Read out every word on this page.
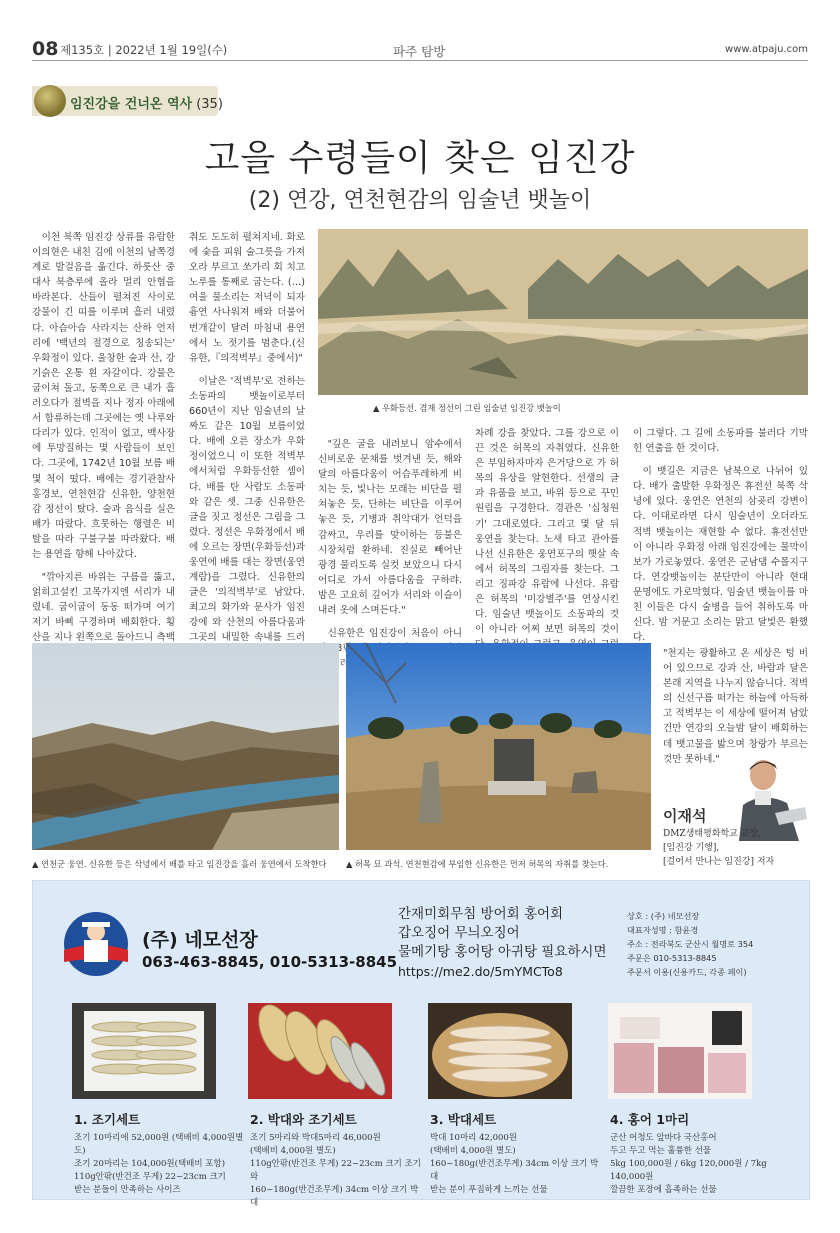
08 제135호 | 2022년 1월 19일(수)	파주 탐방	www.atpaju.com
임진강을 건너온 역사 (35)
고을 수령들이 찾은 임진강
(2) 연강, 연천현감의 임술년 뱃놀이

이천 북쪽 임진강 상류를 유람한 이의현은 내친 김에 이천의 남쪽경계로 발걸음을 옮긴다. 하룻산 중대사 북층루에 올라 멀리 안협을 바라본다. 산들이 펼쳐진 사이로 강물이 긴 띠를 이루며 흘러 내렸다. 아슴아슴 사라지는 산하 언저리에 '백년의 절경으로 칭송되는' 우화정이 있다. 울창한 숲과 산, 강기슭은 온통 흰 자갈이다. 강물은 굽이쳐 돌고, 동쪽으로 큰 내가 흘러오다가 절벽을 지나 정자 아래에서 합류하는데 그곳에는 옛 나루와 다리가 있다. 인적이 없고, 백사장에 투망질하는 몇 사람들이 보인다. 그곳에, 1742년 10월 보름 배 몇 척이 떴다. 배에는 경기관찰사 홍경보, 연천현감 신유한, 양천현감 정선이 탔다. 술과 음식을 실은 배가 따랐다. 흐뭇하는 행렬은 비탈을 따라 구불구불 따라왔다. 배는 용연을 향해 나아갔다.

"깎아지른 바위는 구름을 뚫고, 얽히고설킨 고목가지엔 서리가 내렸네. 굽이굽이 동동 떠가며 여기저기 바삐 구경하며 배회한다. 횡산을 지나 왼쪽으로 돌아드니 측백

취도 도도히 펼쳐지네. 화로에 숯을 피워 술그릇을 가져오라 부르고 쏘가리 회 치고 노루를 통째로 굽는다. (…) 여울 물소리는 저녁이 되자 흉연 사나워져 배와 더불어 번개같이 달려 마침내 용연에서 노 젓기를 멈춘다.(신유한,『의적벽부』중에서)"

이날은 '적벽부'로 전하는 소동파의 뱃놀이로부터 660년이 지난 임술년의 날짜도 같은 10월 보름이었다. 배에 오른 장소가 우화정이었으니 이 또한 적벽부에서처럼 우화등선한 셈이다. 배를 탄 사람도 소동파와 같은 셋. 그중 신유한은 글을 짓고 정선은 그림을 그렸다. 정선은 우화정에서 배에 오르는 장면(우화등선)과 웅연에 배를 대는 장면(웅연계람)을 그렸다. 신유한의 글은 '의적벽부'로 남았다. 최고의 화가와 문사가 임진강에 와 산천의 아름다움과 그곳의 내밀한 속내를 드러

▲ 우화등선. 겸재 정선이 그린 임술년 임진강 뱃놀이

"깊은 굴을 내려보니 암수에서 신비로운 문채를 벗겨낸 듯, 해와 달의 아름다움이 어슴푸레하게 비치는 듯, 빛나는 모래는 비단을 펼쳐놓은 듯, 단하는 비단을 이루어 놓은 듯, 기병과 취악대가 언덕을 감싸고, 우리를 맞이하는 등불은 시장처럼 환하네. 진실로 빼어난 광경 물리도록 실컷 보았으니 다시 어디로 가서 아름다움을 구하랴. 밤은 고요히 깊어가 서리와 이슬이 내려 옷에 스며든다."

신유한은 임진강이 처음이 아니 3년 여러

차례 강을 찾았다. 그를 강으로 이끈 것은 허목의 자취였다. 신유한은 부임하자마자 은거당으로 가 허목의 유상을 알현한다. 선생의 글과 유품을 보고, 바위 등으로 꾸민 원림을 구경한다. 경관은 '십청원기' 그대로였다. 그리고 몇 달 뒤 웅연을 찾는다. 노새 타고 관아를 나선 신유한은 웅연포구의 햇살 속에서 허목의 그림자를 찾는다. 그리고 징파강 유람에 나선다. 유람은 허목의 '미강별주'를 연상시킨다. 임술년 뱃놀이도 소동파의 것이 아니라 어찌 보면 허목의 것이

이 그렇다. 그 길에 소동파를 불러다 기막힌 연출을 한 것이다.

이 뱃길은 지금은 남북으로 나뉘어 있다. 배가 출발한 우화정은 휴전선 북쪽 삭녕에 있다. 웅연은 연천의 삼곶리 강변이다. 이대로라면 다시 임술년이 오더라도 적벽 뱃놀이는 재현할 수 없다. 휴전선만이 아니라 우화정 아래 임진강에는 물막이 보가 가로놓였다. 웅연은 군남댐 수몰지구다. 연강뱃놀이는 분단만이 아니라 현대 문명에도 가로막혔다. 임술년 뱃놀이를 마친 이들은 다시 술병을 들어 취하도록 마신다. 밤 거문고 소리는 맑고 달빛은 환했다.

▲ 연천군 웅연. 신유한 등은 삭녕에서 배를 타고 임진강을 흘러 웅연에서 도착한다 ▲ 허목 묘 과석. 연천현감에 부임한 신유한은 먼저 허목의 자취를 찾는다.

"천지는 광활하고 온 세상은 텅 비어 있으므로 강과 산, 바람과 달은 본래 지역을 나누지 않습니다. 적벽의 신선구름 떠가는 하늘에 아득하고 적벽부는 이 세상에 떨어져 남았건만 연강의 오늘밤 달이 배회하는데 뱃고물을 밟으며 창랑가 부르는 것만 못하네."

이재석
DMZ생태평화학교 교장,
[임진강 기행],
[걸어서 만나는 임진강] 저자
(주) 네모선장
063-463-8845, 010-5313-8845
간재미회무침 방어회 홍어회
갑오징어 무늬오징어
물메기탕 홍어탕 아귀탕 필요하시면
https://me2.do/5mYMCTo8
상호 : (주) 네모선장
대표자성명 : 함윤경
주소 : 전라북도 군산시 월명로 354
주문은 010-5313-8845
주문서 이용(신용카드, 각종 페이)
1. 조기세트	2. 박대와 조기세트	3. 박대세트	4. 홍어 1마리
조기 10마리에 52,000원 (택배비 4,000원별도)
조기 20마리는 104,000원(택배비 포함)
110g안팎(반건조 무게) 22~23cm 크기
받는 분들이 만족하는 사이즈
조기 5마리와 박대5마리 46,000원
(택배비 4,000원 별도)
110g안팎(반건조 무게) 22~23cm 크기 조기와
160~180g(반건조무게) 34cm 이상 크기 박대
박대 10마리 42,000원
(택배비 4,000원 별도)
160~180g(반건조무게) 34cm 이상 크기 박대
받는 분이 푸짐하게 느끼는 선물
군산 어청도 앞바다 국산홍어
두고 두고 먹는 훌륭한 선물
5kg 100,000원 / 6kg 120,000원 / 7kg 140,000원
깔끔한 포장에 흡족하는 선물
